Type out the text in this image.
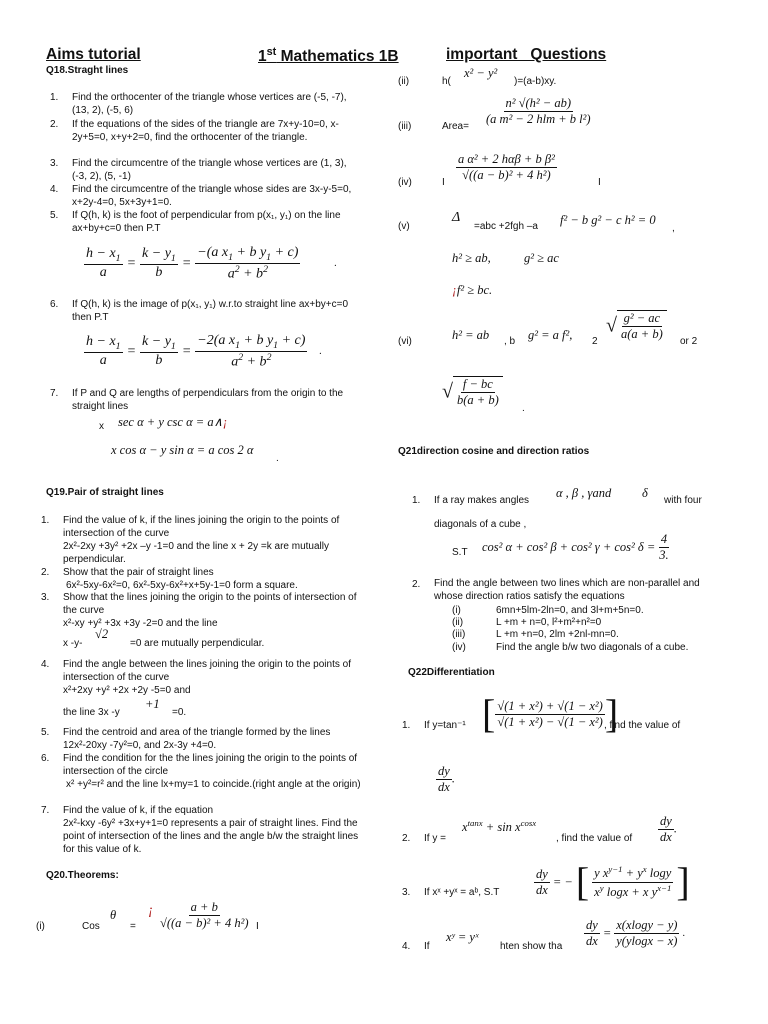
Aims tutorial	1st Mathematics 1B	important   Questions
Q18.Straght lines
1. Find the orthocenter of the triangle whose vertices are (-5, -7), (13, 2), (-5, 6)
2. If the equations of the sides of the triangle are 7x+y-10=0, x-2y+5=0, x+y+2=0, find the orthocenter of the triangle.
3. Find the circumcentre of the triangle whose vertices are (1, 3), (-3, 2), (5, -1)
4. Find the circumcentre of the triangle whose sides are 3x-y-5=0, x+2y-4=0, 5x+3y+1=0.
5. If Q(h, k) is the foot of perpendicular from p(x₁, y₁) on the line ax+by+c=0 then P.T
$\frac{h - x_1}{a} = \frac{k - y_1}{b} = \frac{-(a x_1 + b y_1 + c)}{a^2 + b^2}$	.
6. If Q(h, k) is the image of p(x₁, y₁) w.r.to straight line ax+by+c=0 then P.T
$\frac{h - x_1}{a} = \frac{k - y_1}{b} = \frac{-2(a x_1 + b y_1 + c)}{a^2 + b^2}$ .
7. If P and Q are lengths of perpendiculars from the origin to the straight lines
x sec α + y csc α = a∧¡
x cos α − y sin α = a cos 2 α
.
Q19.Pair of straight lines
1. Find the value of k, if the lines joining the origin to the points of intersection of the curve
2x²-2xy +3y² +2x –y -1=0 and the line x + 2y =k are mutually perpendicular.
2. Show that the pair of straight lines
6x²-5xy-6x²=0, 6x²-5xy-6x²+x+5y-1=0 form a square.
3. Show that the lines joining the origin to the points of intersection of the curve
x²-xy +y² +3x +3y -2=0 and the line
x -y-
√2
=0 are mutually perpendicular.
4. Find the angle between the lines joining the origin to the points of intersection of the curve
x²+2xy +y² +2x +2y -5=0 and
the line 3x -y
+1
=0.
5. Find the centroid and area of the triangle formed by the lines 12x²-20xy -7y²=0, and 2x-3y +4=0.
6. Find the condition for the the lines joining the origin to the points of intersection of the circle
x² +y²=r² and the line lx+my=1 to coincide.(right angle at the origin)
7. Find the value of k, if the equation
2x²-kxy -6y² +3x+y+1=0 represents a pair of straight lines. Find the point of intersection of the lines and the angle b/w the straight lines for this value of k.
Q20.Theorems:
(i)	Cos
θ
=
¡ $\frac{a + b}{\text{√((a − b)² + 4 h²)}}$ I
(ii)	h(
x² − y²
)=(a-b)xy.
(iii)	Area= $\frac{\text{n² √(h² − ab)}}{\text{(a m² − 2 hlm + b l²)}}$
(iv)	I $\frac{\text{a α² + 2 hαβ + b β²}}{\text{√((a − b)² + 4 h²)}}$	I
(v)
Δ
=abc +2fgh –a f² − b g² − c h² = 0
,
h² ≥ ab,	g² ≥ ac
¡f² ≥ bc.
(vi)	h² = ab , b g² = a f², 2
√ $\frac{\text{g² − ac}}{a(a + b)}$ or 2
√ $\frac{f - bc}{b(a + b)}$
.
Q21direction cosine and direction ratios
1. If a ray makes angles
α , β , γand δ
with four
diagonals of a cube ,
S.T cos² α + cos² β + cos² γ + cos² $\delta = \frac{4}{3.}$
2. Find the angle between two lines which are non-parallel and whose direction ratios satisfy the equations
(i)	6mn+5lm-2ln=0, and 3l+m+5n=0.
(ii)	L +m + n=0, l²+m²+n²=0
(iii)	L +m +n=0, 2lm +2nl-mn=0.
(iv)	Find the angle b/w two diagonals of a cube.
Q22Differentiation
1. If y=tan⁻¹ [ $\frac{\text{√(1 + x²) + √(1 − x²)}}{\text{√(1 + x²) − √(1 − x²)}}$ ]
, find the value of
$\frac{dy}{dx}$ .
2. If y =
$x^{tanx} + \sin x^{cosx}$
, find the value of $\frac{dy}{dx}$ .
3. If xˣ +yˣ = aᵇ, S.T	$\frac{dy}{dx}$ = − [ $\frac{y x^{y-1} + y^x \log y}{x^y \log x + x y^{x-1}}$ ]
4. If
xʸ = yˣ
hten show tha $\frac{dy}{dx} = \frac{x(xlogy - y)}{y(ylogx - x)}$ .
